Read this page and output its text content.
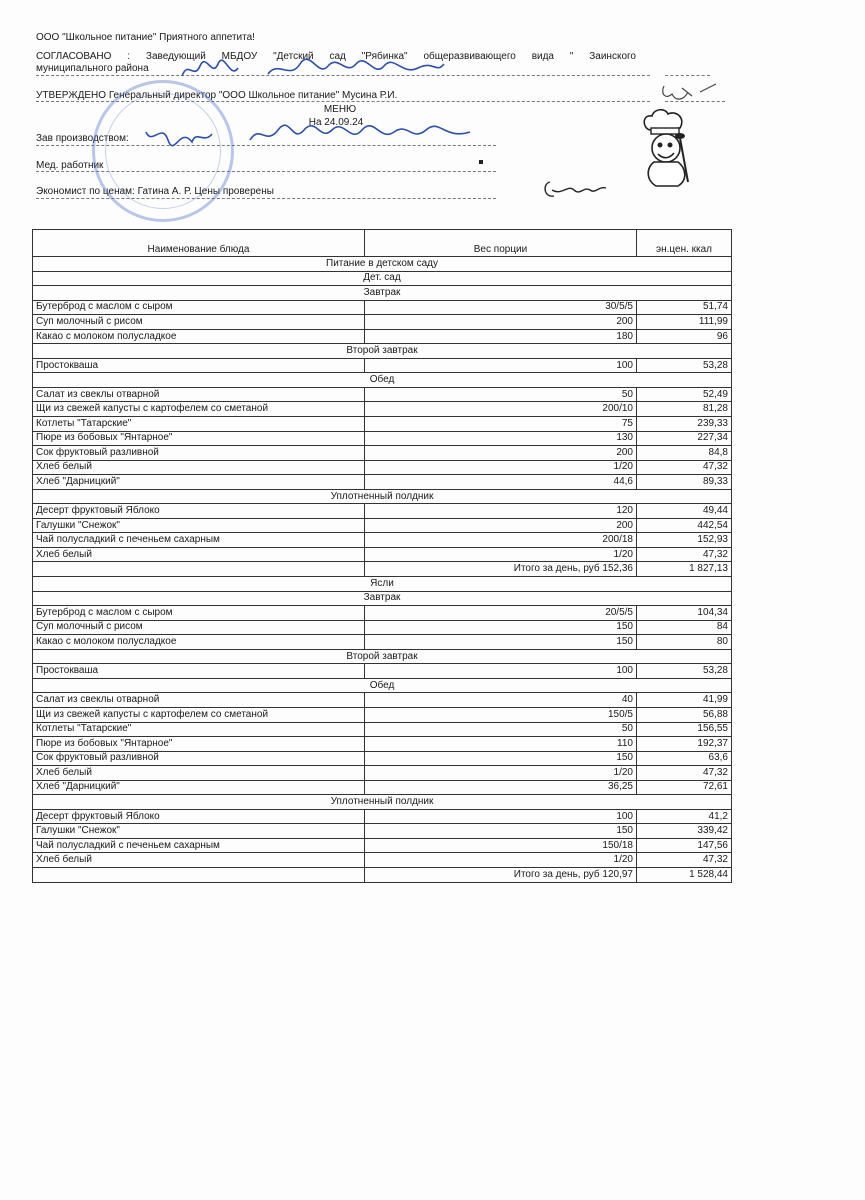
ООО "Школьное питание" Приятного аппетита!
СОГЛАСОВАНО : Заведующий МБДОУ "Детский сад "Рябинка" общеразвивающего вида " Заинского
муниципального района
УТВЕРЖДЕНО Генеральный директор "ООО Школьное питание" Мусина Р.И.
МЕНЮ
На 24.09.24
Зав производством:
Мед. работник
Экономист по ценам: Гатина А. Р. Цены проверены
Наименование блюда	Вес порции	эн.цен. ккал
Питание в детском саду		
Дет. сад		
Завтрак		
Бутерброд с маслом с сыром	30/5/5	51,74
Суп молочный с рисом	200	111,99
Какао с молоком полусладкое	180	96
Второй завтрак		
Простокваша	100	53,28
Обед		
Салат из свеклы отварной	50	52,49
Щи из свежей капусты с картофелем со сметаной	200/10	81,28
Котлеты "Татарские"	75	239,33
Пюре из бобовых "Янтарное"	130	227,34
Сок фруктовый разливной	200	84,8
Хлеб белый	1/20	47,32
Хлеб "Дарницкий"	44,6	89,33
Уплотненный полдник		
Десерт фруктовый Яблоко	120	49,44
Галушки "Снежок"	200	442,54
Чай полусладкий с печеньем сахарным	200/18	152,93
Хлеб белый	1/20	47,32
	Итого за день, руб 152,36	1 827,13
Ясли		
Завтрак		
Бутерброд с маслом с сыром	20/5/5	104,34
Суп молочный с рисом	150	84
Какао с молоком полусладкое	150	80
Второй завтрак		
Простокваша	100	53,28
Обед		
Салат из свеклы отварной	40	41,99
Щи из свежей капусты с картофелем со сметаной	150/5	56,88
Котлеты "Татарские"	50	156,55
Пюре из бобовых "Янтарное"	110	192,37
Сок фруктовый разливной	150	63,6
Хлеб белый	1/20	47,32
Хлеб "Дарницкий"	36,25	72,61
Уплотненный полдник		
Десерт фруктовый Яблоко	100	41,2
Галушки "Снежок"	150	339,42
Чай полусладкий с печеньем сахарным	150/18	147,56
Хлеб белый	1/20	47,32
	Итого за день, руб 120,97	1 528,44
